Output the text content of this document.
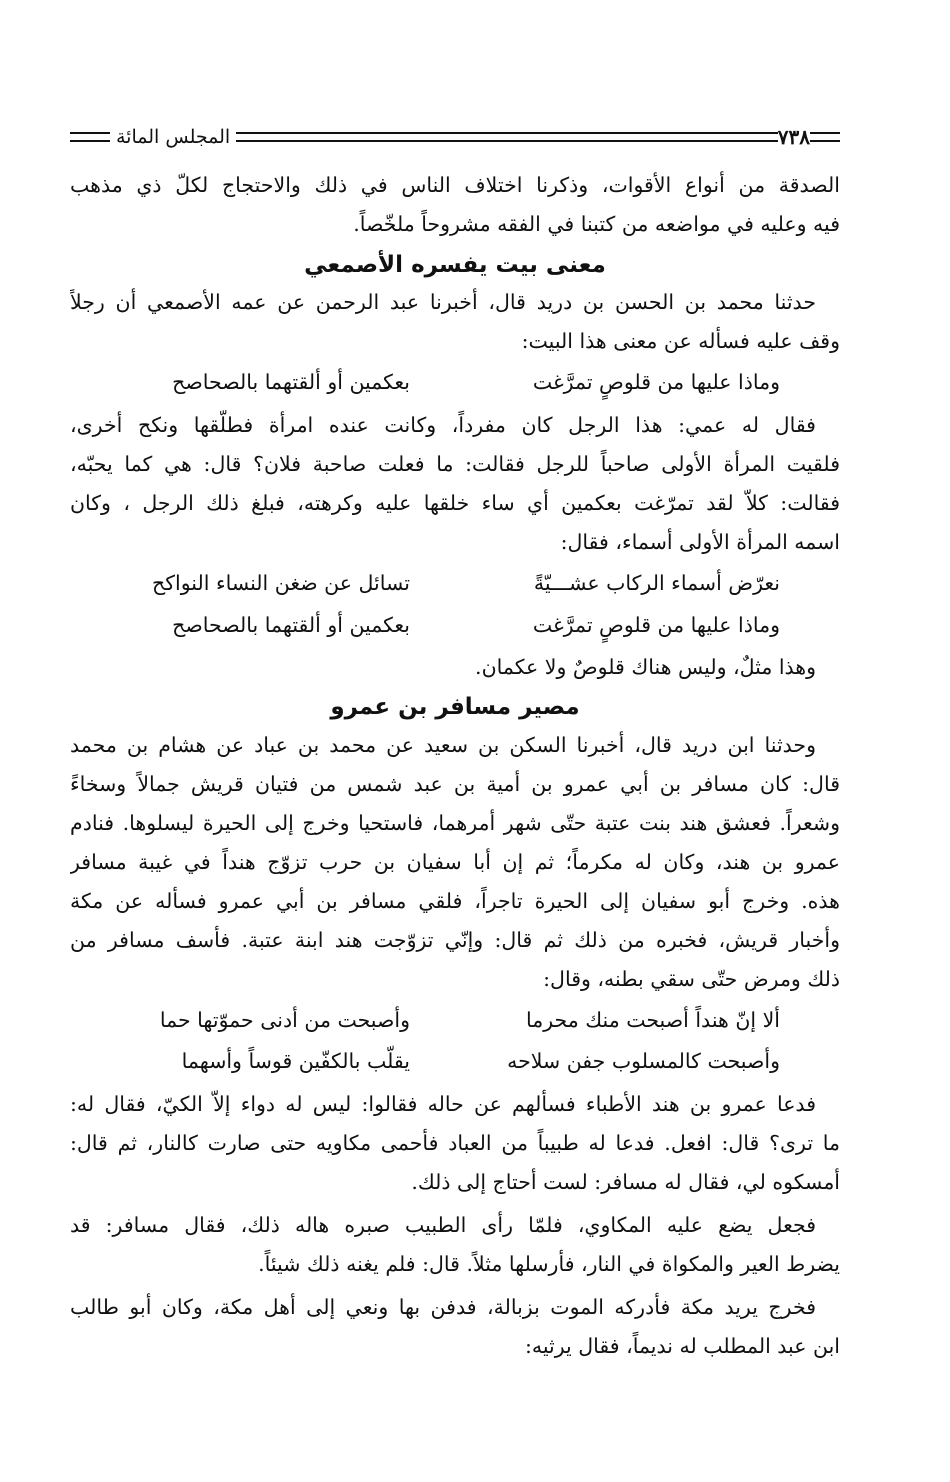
٧٣٨
المجلس المائة
الصدقة من أنواع الأقوات، وذكرنا اختلاف الناس في ذلك والاحتجاج لكلّ ذي مذهب
فيه وعليه في مواضعه من كتبنا في الفقه مشروحاً ملخّصاً.
معنى بيت يفسره الأصمعي
حدثنا محمد بن الحسن بن دريد قال، أخبرنا عبد الرحمن عن عمه الأصمعي أن رجلاً
وقف عليه فسأله عن معنى هذا البيت:
وماذا عليها من قلوصٍ تمرَّغت
بعكمين أو ألقتهما بالصحاصح
فقال له عمي: هذا الرجل كان مفرداً، وكانت عنده امرأة فطلّقها ونكح أخرى،
فلقيت المرأة الأولى صاحباً للرجل فقالت: ما فعلت صاحبة فلان؟ قال: هي كما يحبّه،
فقالت: كلاّ لقد تمرّغت بعكمين أي ساء خلقها عليه وكرهته، فبلغ ذلك الرجل ، وكان
اسمه المرأة الأولى أسماء، فقال:
نعرّض أسماء الركاب عشـــيّةً
تسائل عن ضغن النساء النواكح
وماذا عليها من قلوصٍ تمرَّغت
بعكمين أو ألقتهما بالصحاصح
وهذا مثلٌ، وليس هناك قلوصٌ ولا عكمان.
مصير مسافر بن عمرو
وحدثنا ابن دريد قال، أخبرنا السكن بن سعيد عن محمد بن عباد عن هشام بن محمد
قال: كان مسافر بن أبي عمرو بن أمية بن عبد شمس من فتيان قريش جمالاً وسخاءً
وشعراً. فعشق هند بنت عتبة حتّى شهر أمرهما، فاستحيا وخرج إلى الحيرة ليسلوها. فنادم
عمرو بن هند، وكان له مكرماً؛ ثم إن أبا سفيان بن حرب تزوّج هنداً في غيبة مسافر
هذه. وخرج أبو سفيان إلى الحيرة تاجراً، فلقي مسافر بن أبي عمرو فسأله عن مكة
وأخبار قريش، فخبره من ذلك ثم قال: وإنّي تزوّجت هند ابنة عتبة. فأسف مسافر من
ذلك ومرض حتّى سقي بطنه، وقال:
ألا إنّ هنداً أصبحت منك محرما
وأصبحت من أدنى حموّتها حما
وأصبحت كالمسلوب جفن سلاحه
يقلّب بالكفّين قوساً وأسهما
فدعا عمرو بن هند الأطباء فسألهم عن حاله فقالوا: ليس له دواء إلاّ الكيّ، فقال له:
ما ترى؟ قال: افعل. فدعا له طبيباً من العباد فأحمى مكاويه حتى صارت كالنار، ثم قال:
أمسكوه لي، فقال له مسافر: لست أحتاج إلى ذلك.
فجعل يضع عليه المكاوي، فلمّا رأى الطبيب صبره هاله ذلك، فقال مسافر: قد
يضرط العير والمكواة في النار، فأرسلها مثلاً. قال: فلم يغنه ذلك شيئاً.
فخرج يريد مكة فأدركه الموت بزبالة، فدفن بها ونعي إلى أهل مكة، وكان أبو طالب
ابن عبد المطلب له نديماً، فقال يرثيه:
